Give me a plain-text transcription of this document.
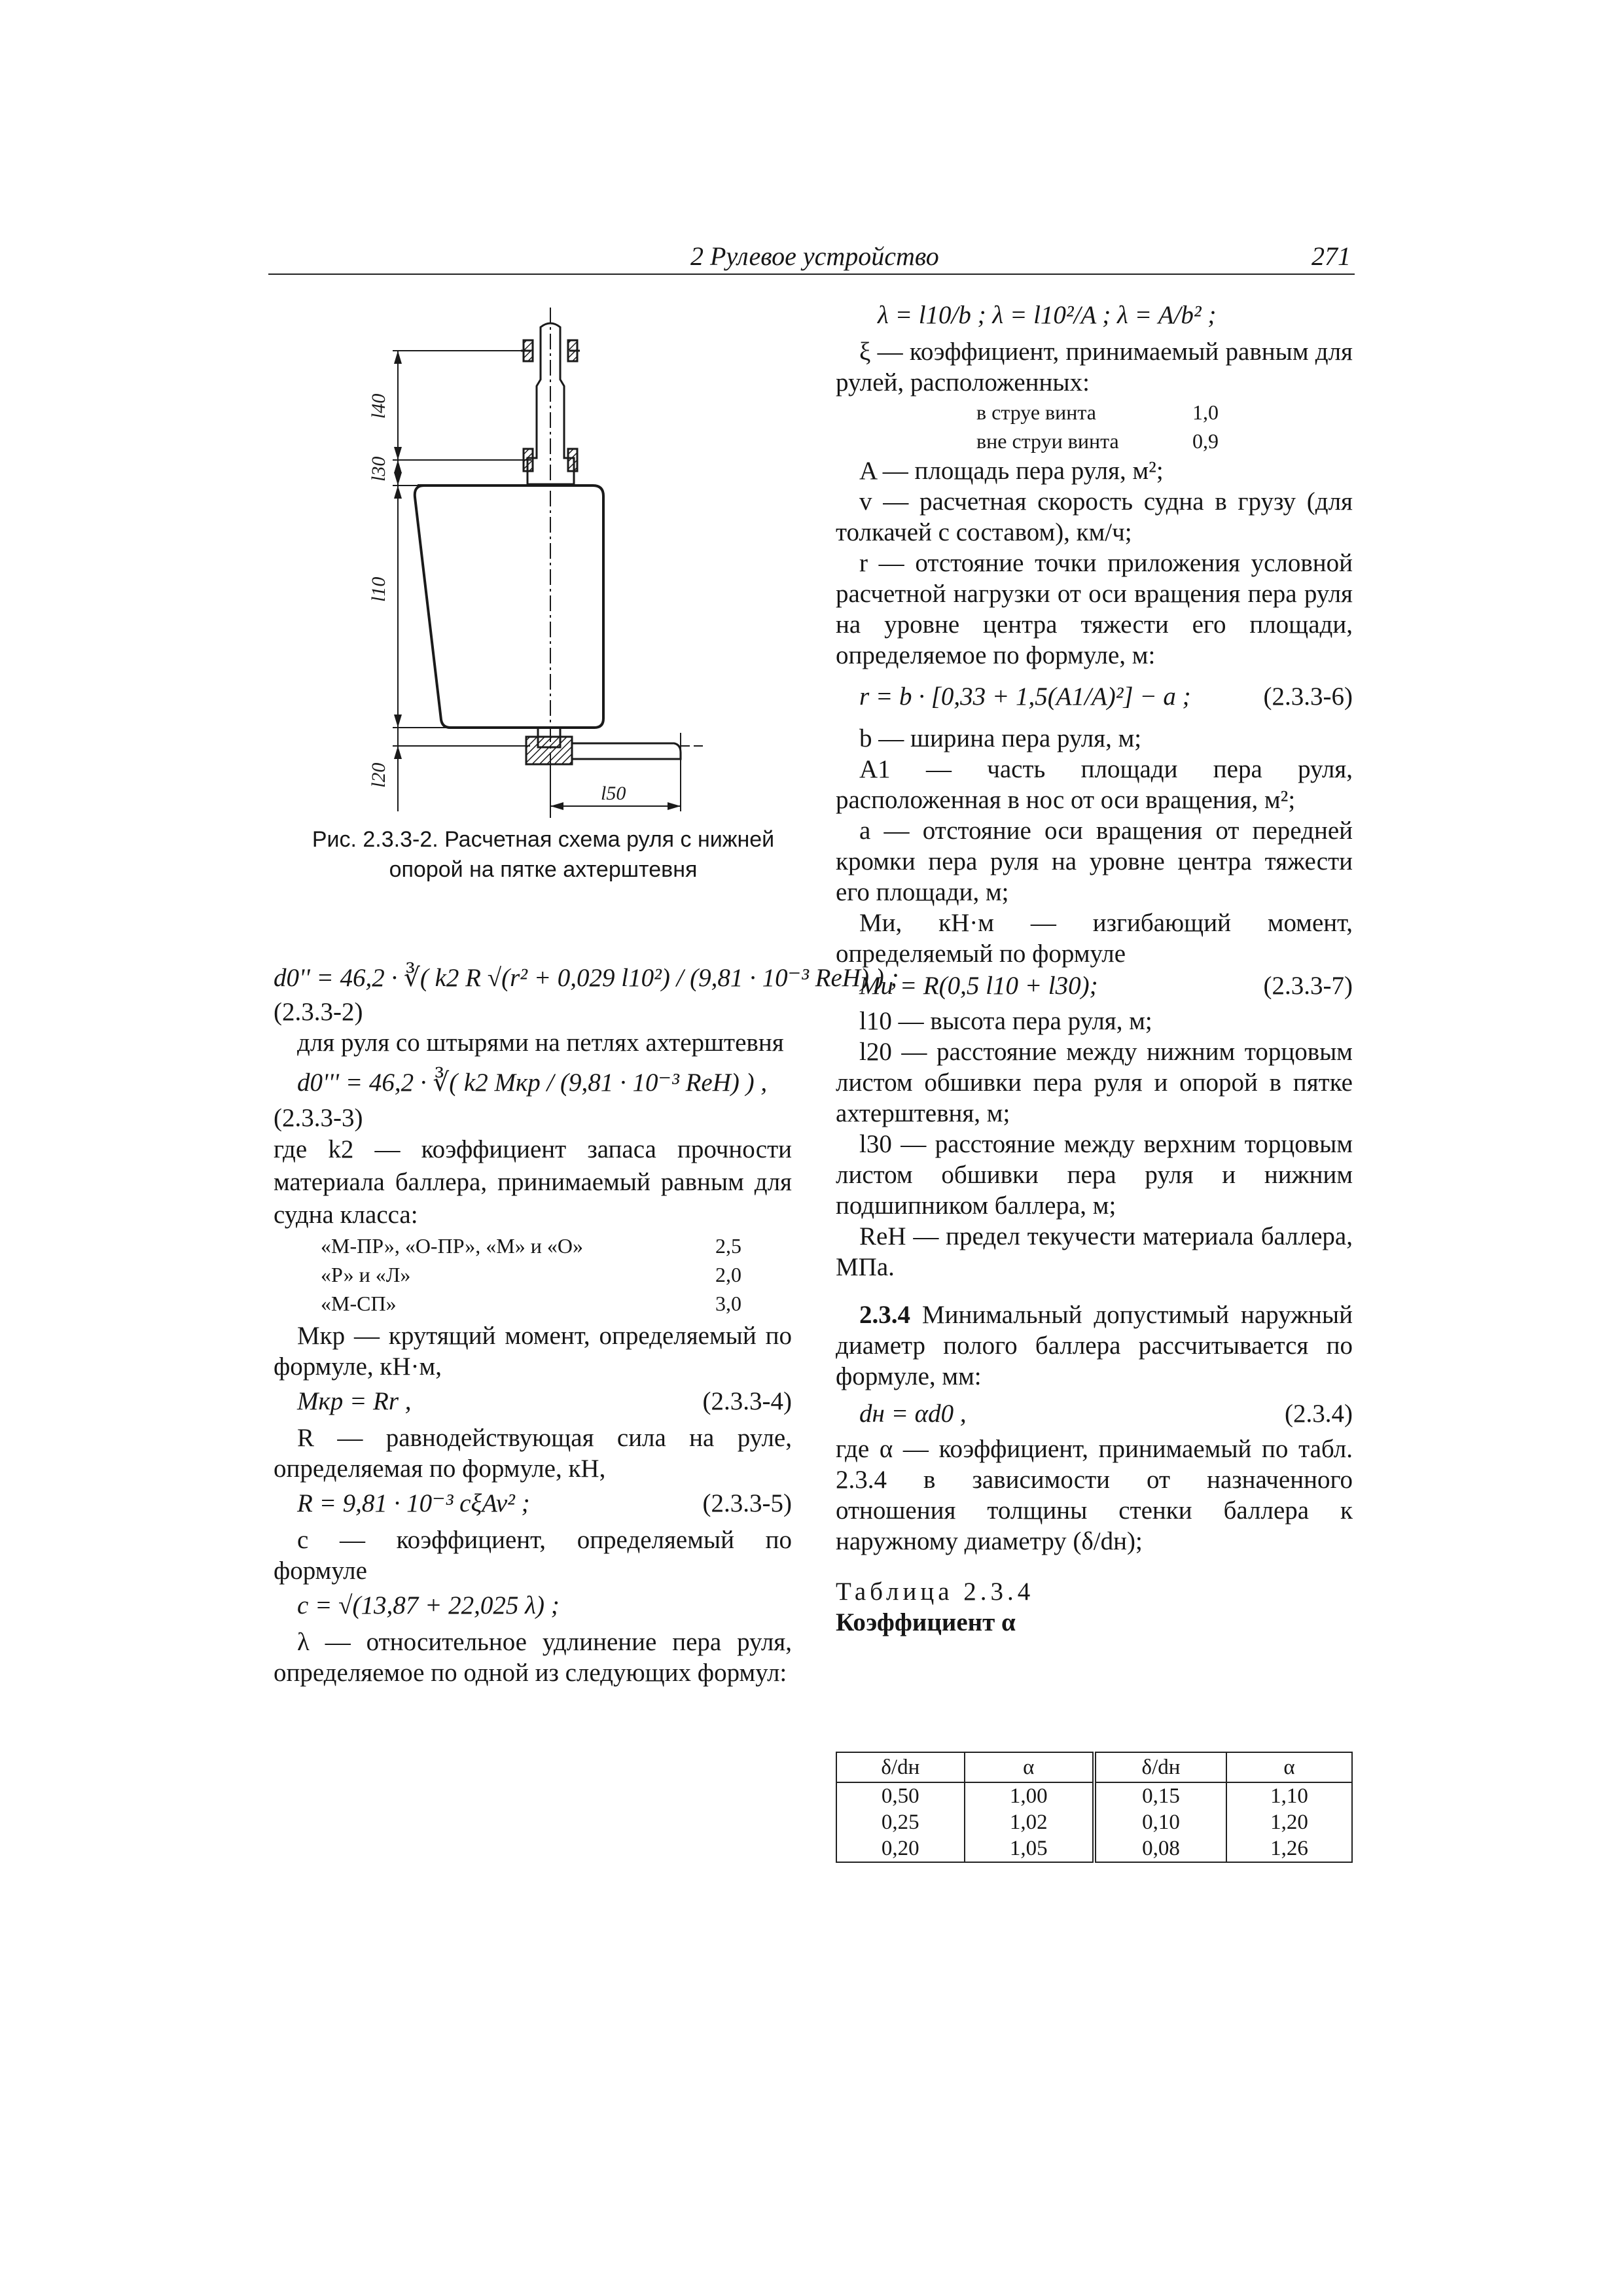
2 Рулевое устройство	271
l40
l30
l10
l20
l50
Рис. 2.3.3-2. Расчетная схема руля с нижней
опорой на пятке ахтерштевня
d0'' = 46,2 · ∛( k2 R √(r² + 0,029 l10²) / (9,81 · 10⁻³ ReH) ) ;

(2.3.3-2)

для руля со штырями на петлях ахтерштевня

d0''' = 46,2 · ∛( k2 Mкр / (9,81 · 10⁻³ ReH) ) ,

(2.3.3-3)

где k2 — коэффициент запаса прочности материала баллера, принимаемый равным для судна класса:

«М-ПР», «О-ПР», «М» и «О»	2,5
«Р» и «Л»	2,0
«М-СП»	3,0

Mкр — крутящий момент, определяемый по формуле, кН·м,

Mкр = Rr ,	(2.3.3-4)

R — равнодействующая сила на руле, определяемая по формуле, кН,

R = 9,81 · 10⁻³ cξAv² ;	(2.3.3-5)

c — коэффициент, определяемый по формуле

c = √(13,87 + 22,025 λ) ;

λ — относительное удлинение пера руля, определяемое по одной из следующих формул:

λ = l10/b ; λ = l10²/A ; λ = A/b² ;

ξ — коэффициент, принимаемый равным для рулей, расположенных:

в струе винта	1,0
вне струи винта	0,9

A — площадь пера руля, м²;

v — расчетная скорость судна в грузу (для толкачей с составом), км/ч;

r — отстояние точки приложения условной расчетной нагрузки от оси вращения пера руля на уровне центра тяжести его площади, определяемое по формуле, м:

r = b · [0,33 + 1,5(A1/A)²] − a ;	(2.3.3-6)

b — ширина пера руля, м;

A1 — часть площади пера руля, расположенная в нос от оси вращения, м²;

a — отстояние оси вращения от передней кромки пера руля на уровне центра тяжести его площади, м;

Mи, кН·м — изгибающий момент, определяемый по формуле

Mи = R(0,5 l10 + l30);	(2.3.3-7)

l10 — высота пера руля, м;

l20 — расстояние между нижним торцовым листом обшивки пера руля и опорой в пятке ахтерштевня, м;

l30 — расстояние между верхним торцовым листом обшивки пера руля и нижним подшипником баллера, м;

ReH — предел текучести материала баллера, МПа.

2.3.4 Минимальный допустимый наружный диаметр полого баллера рассчитывается по формуле, мм:

dн = αd0 ,	(2.3.4)

где α — коэффициент, принимаемый по табл. 2.3.4 в зависимости от назначенного отношения толщины стенки баллера к наружному диаметру (δ/dн);

Таблица 2.3.4

Коэффициент α

δ/dн	α	δ/dн	α
0,50	1,00	0,15	1,10
0,25	1,02	0,10	1,20
0,20	1,05	0,08	1,26
